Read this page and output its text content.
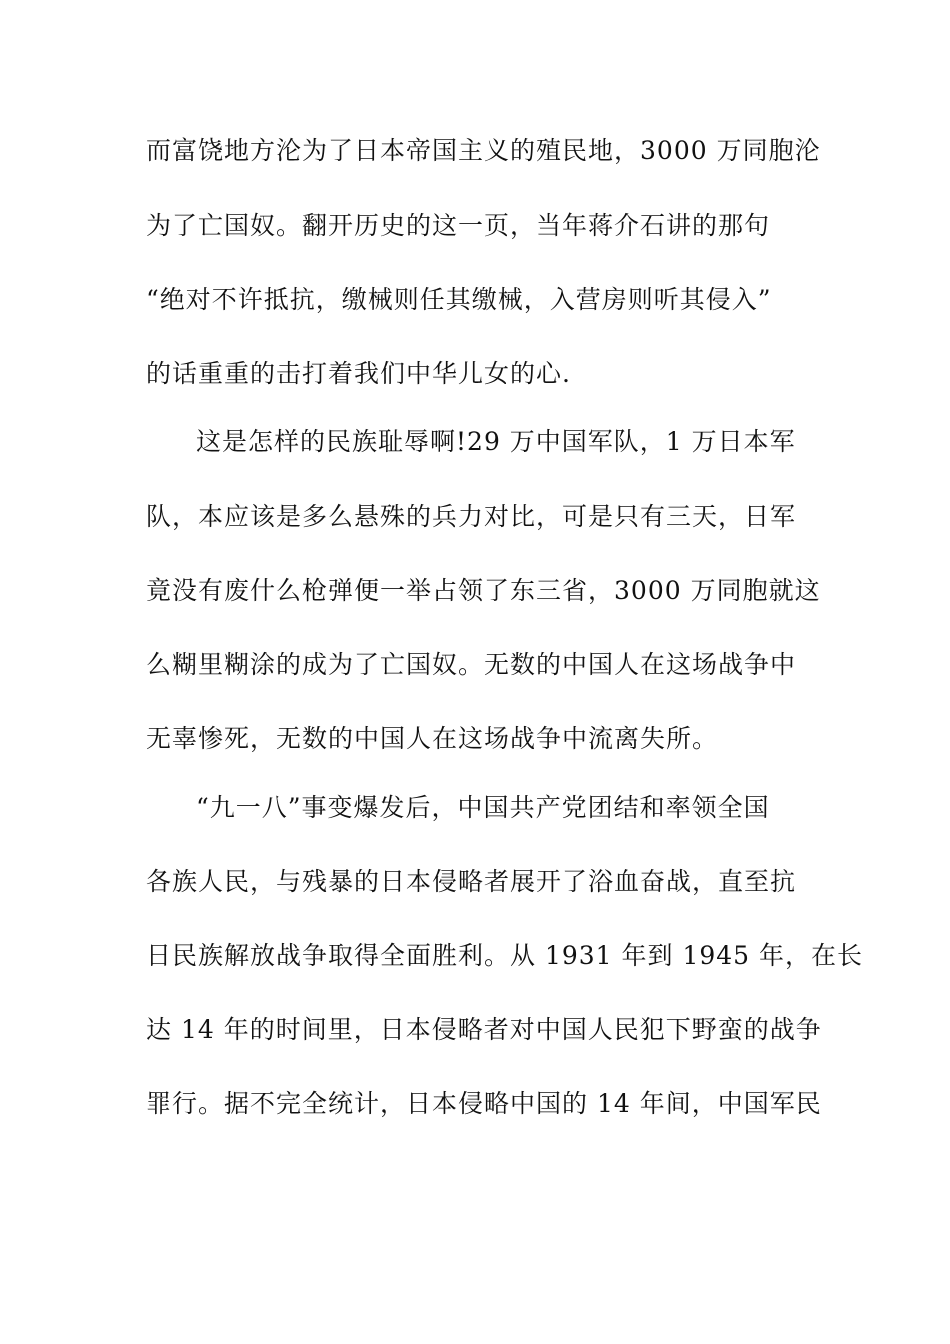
而富饶地方沦为了日本帝国主义的殖民地，3000 万同胞沦
为了亡国奴。翻开历史的这一页，当年蒋介石讲的那句
“绝对不许抵抗，缴械则任其缴械，入营房则听其侵入”
的话重重的击打着我们中华儿女的心.
这是怎样的民族耻辱啊!29 万中国军队，1 万日本军
队，本应该是多么悬殊的兵力对比，可是只有三天，日军
竟没有废什么枪弹便一举占领了东三省，3000 万同胞就这
么糊里糊涂的成为了亡国奴。无数的中国人在这场战争中
无辜惨死，无数的中国人在这场战争中流离失所。
“九一八”事变爆发后，中国共产党团结和率领全国
各族人民，与残暴的日本侵略者展开了浴血奋战，直至抗
日民族解放战争取得全面胜利。从 1931 年到 1945 年，在长
达 14 年的时间里，日本侵略者对中国人民犯下野蛮的战争
罪行。据不完全统计，日本侵略中国的 14 年间，中国军民
